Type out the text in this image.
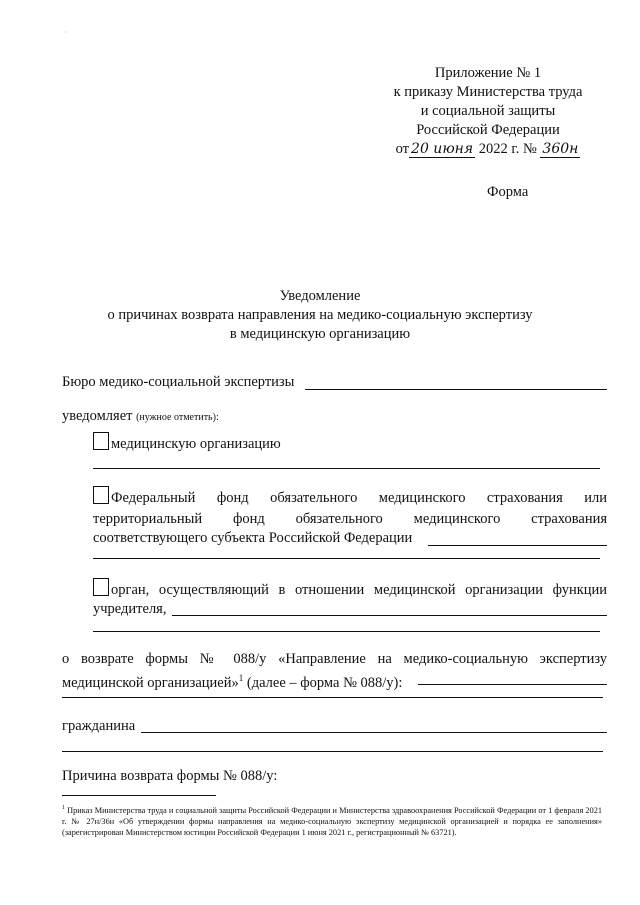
·
Приложение № 1
к приказу Министерства труда
и социальной защиты
Российской Федерации
от 20 июня 2022 г. № 360н
Форма
Уведомление
о причинах возврата направления на медико-социальную экспертизу
в медицинскую организацию
Бюро медико-социальной экспертизы
уведомляет (нужное отметить):
медицинскую организацию
Федеральный фонд обязательного медицинского страхования или
территориальный фонд обязательного медицинского страхования
соответствующего субъекта Российской Федерации
орган, осуществляющий в отношении медицинской организации функции
учредителя,
о возврате формы № 088/у «Направление на медико-социальную экспертизу
медицинской организацией»$^1$ (далее – форма № 088/у):
гражданина
Причина возврата формы № 088/у:
$^1$ Приказ Министерства труда и социальной защиты Российской Федерации и Министерства здравоохранения Российской Федерации от 1 февраля 2021 г. № 27н/36н «Об утверждении формы направления на медико-социальную экспертизу медицинской организацией и порядка ее заполнения» (зарегистрирован Министерством юстиции Российской Федерации 1 июня 2021 г., регистрационный № 63721).
